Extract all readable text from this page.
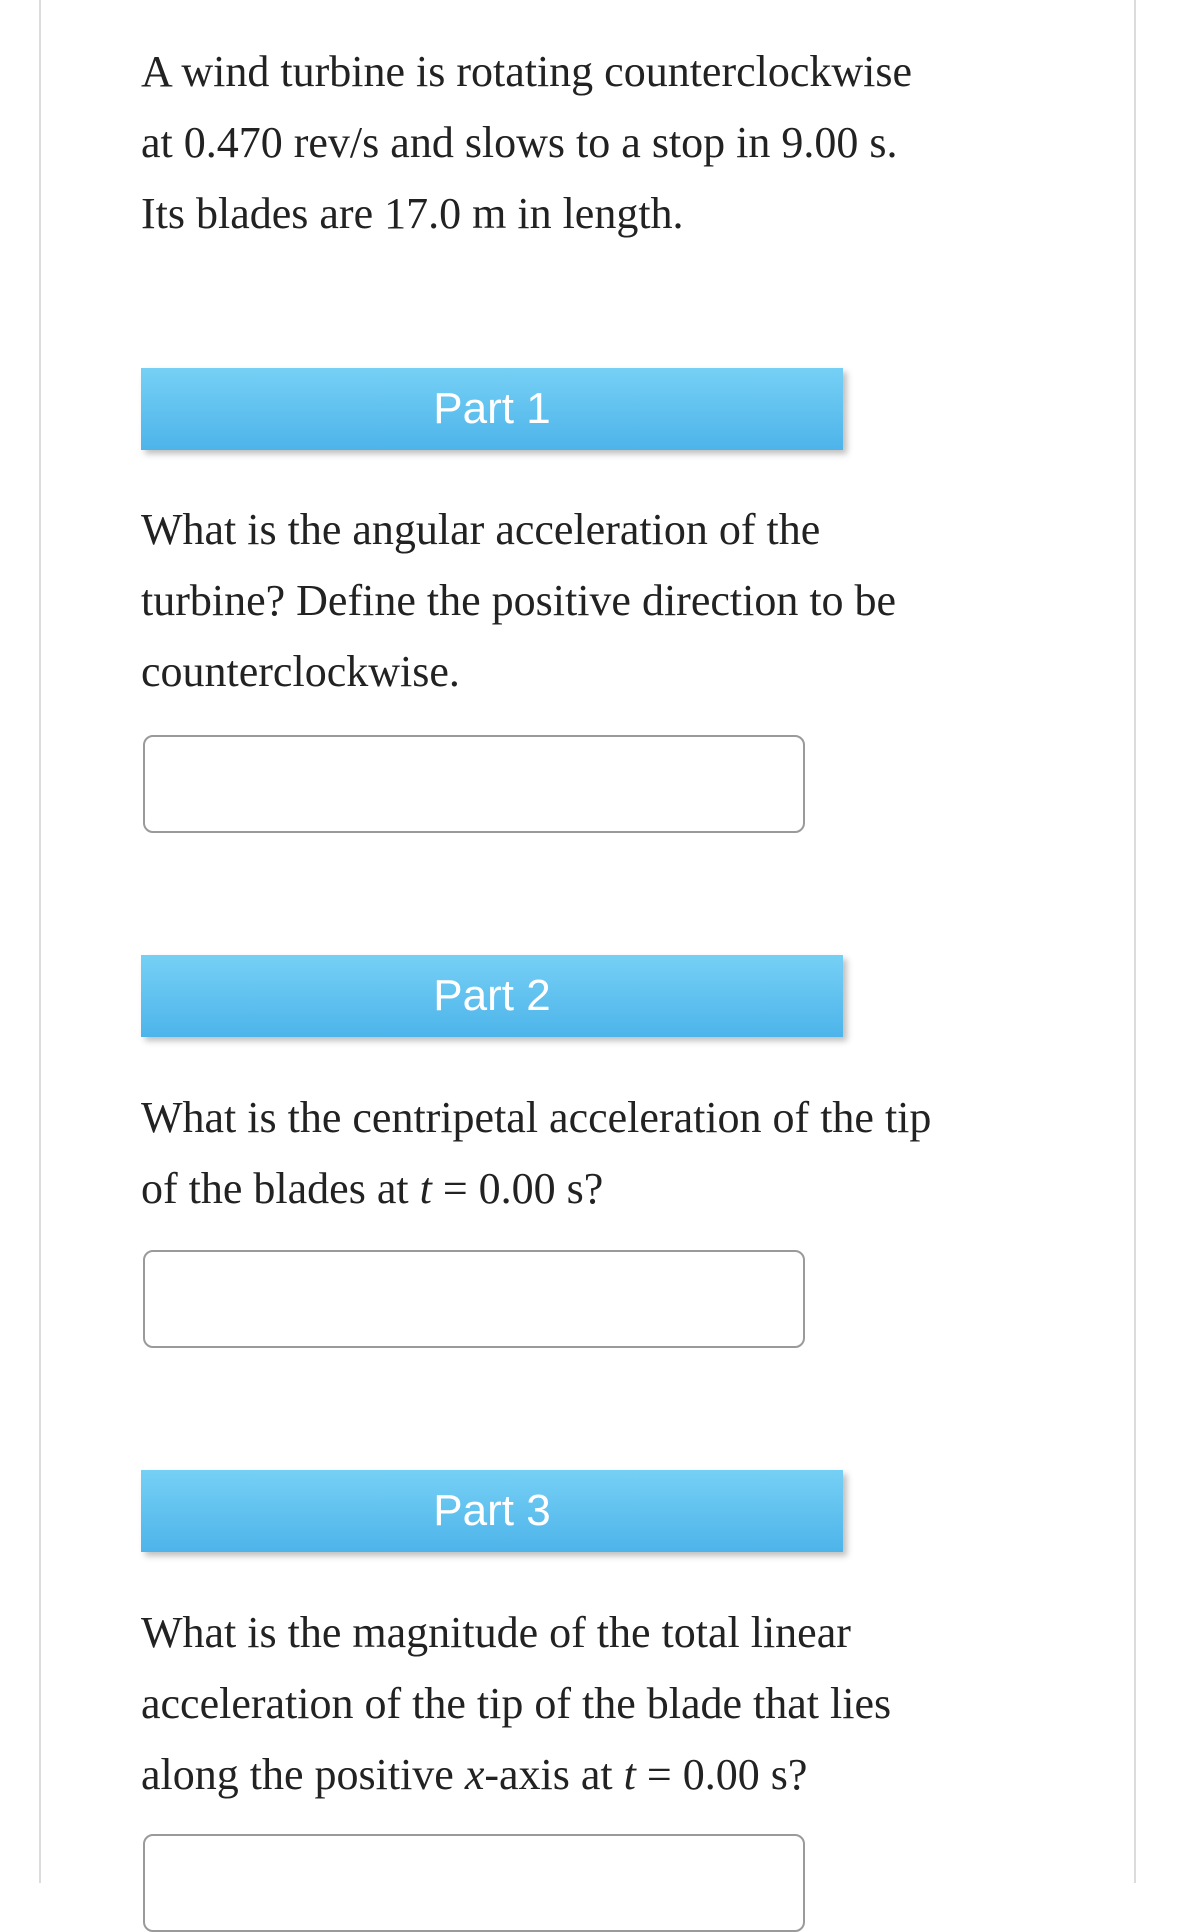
A wind turbine is rotating counterclockwise

at 0.470 rev/s and slows to a stop in 9.00 s.

Its blades are 17.0 m in length.

Part 1

What is the angular acceleration of the

turbine? Define the positive direction to be

counterclockwise.

Part 2

What is the centripetal acceleration of the tip

of the blades at t = 0.00 s?

Part 3

What is the magnitude of the total linear

acceleration of the tip of the blade that lies

along the positive x-axis at t = 0.00 s?
